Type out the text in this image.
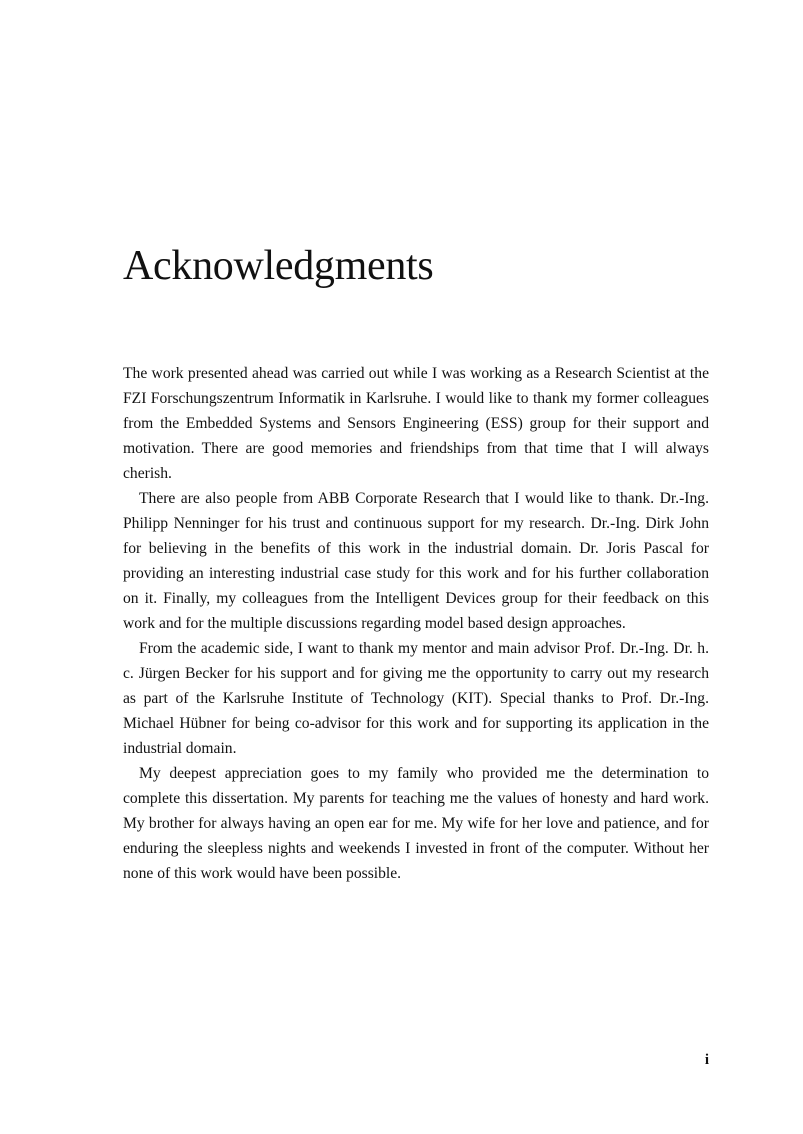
Acknowledgments

The work presented ahead was carried out while I was working as a Research Scientist at the FZI Forschungszentrum Informatik in Karlsruhe. I would like to thank my former colleagues from the Embedded Systems and Sensors Engineering (ESS) group for their support and motivation. There are good memories and friendships from that time that I will always cherish.

There are also people from ABB Corporate Research that I would like to thank. Dr.-Ing. Philipp Nenninger for his trust and continuous support for my research. Dr.-Ing. Dirk John for believing in the benefits of this work in the industrial domain. Dr. Joris Pascal for providing an interesting industrial case study for this work and for his further collaboration on it. Finally, my colleagues from the Intelligent Devices group for their feedback on this work and for the multiple discussions regarding model based design approaches.

From the academic side, I want to thank my mentor and main advisor Prof. Dr.-Ing. Dr. h. c. Jürgen Becker for his support and for giving me the opportunity to carry out my research as part of the Karlsruhe Institute of Technology (KIT). Special thanks to Prof. Dr.-Ing. Michael Hübner for being co-advisor for this work and for supporting its application in the industrial domain.

My deepest appreciation goes to my family who provided me the determination to complete this dissertation. My parents for teaching me the values of honesty and hard work. My brother for always having an open ear for me. My wife for her love and patience, and for enduring the sleepless nights and weekends I invested in front of the computer. Without her none of this work would have been possible.

i
